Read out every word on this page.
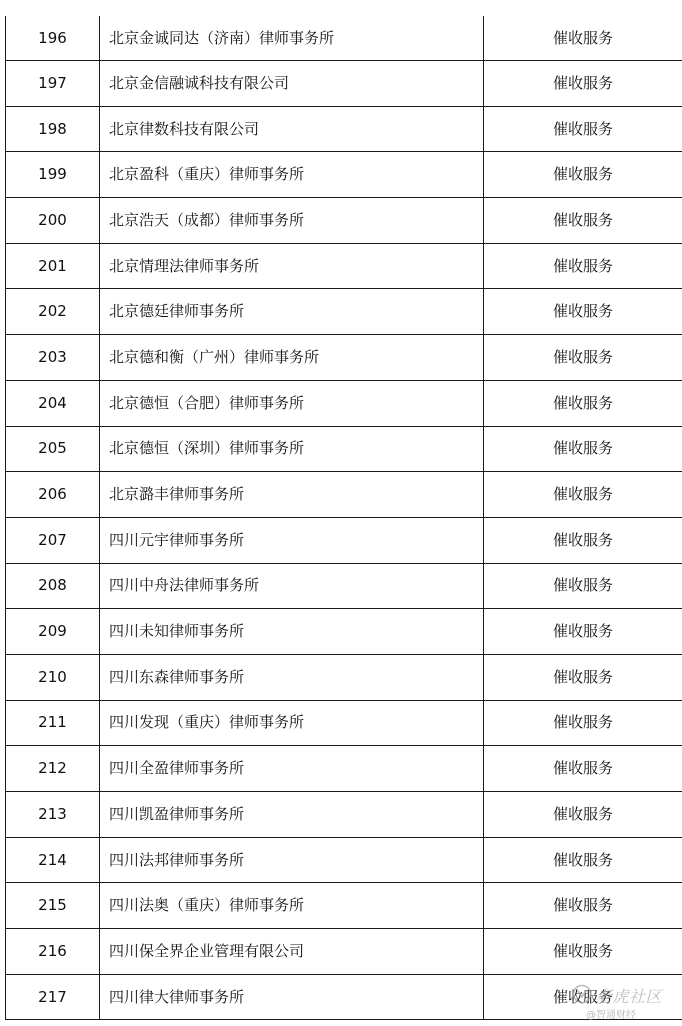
196	北京金诚同达（济南）律师事务所	催收服务
197	北京金信融诚科技有限公司	催收服务
198	北京律数科技有限公司	催收服务
199	北京盈科（重庆）律师事务所	催收服务
200	北京浩天（成都）律师事务所	催收服务
201	北京情理法律师事务所	催收服务
202	北京德廷律师事务所	催收服务
203	北京德和衡（广州）律师事务所	催收服务
204	北京德恒（合肥）律师事务所	催收服务
205	北京德恒（深圳）律师事务所	催收服务
206	北京潞丰律师事务所	催收服务
207	四川元宇律师事务所	催收服务
208	四川中舟法律师事务所	催收服务
209	四川未知律师事务所	催收服务
210	四川东森律师事务所	催收服务
211	四川发现（重庆）律师事务所	催收服务
212	四川全盈律师事务所	催收服务
213	四川凯盈律师事务所	催收服务
214	四川法邦律师事务所	催收服务
215	四川法奥（重庆）律师事务所	催收服务
216	四川保全界企业管理有限公司	催收服务
217	四川律大律师事务所	催收服务
老虎社区
@智通财经
